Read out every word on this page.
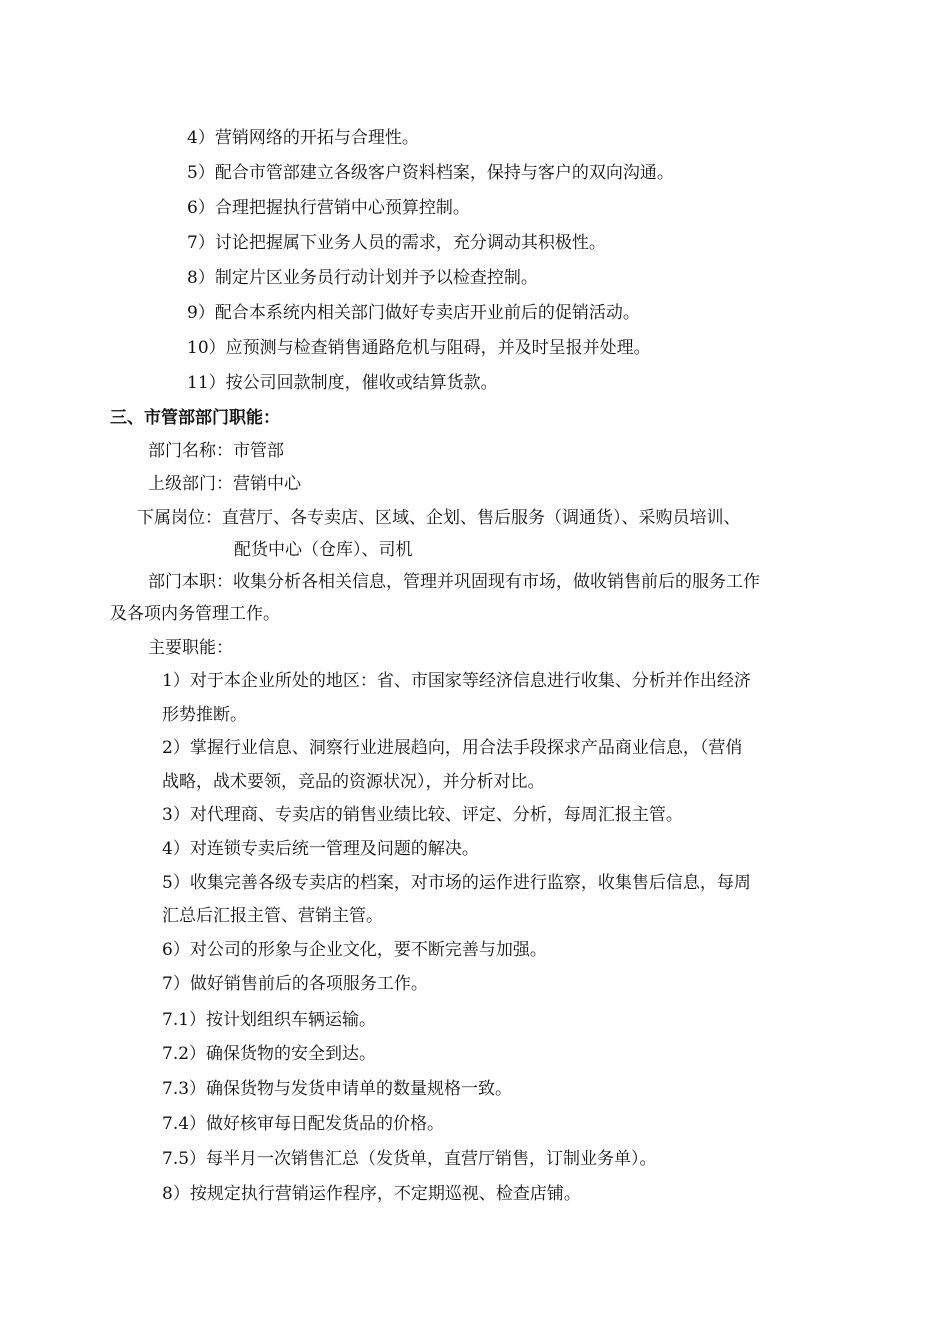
4）营销网络的开拓与合理性。
5）配合市管部建立各级客户资料档案，保持与客户的双向沟通。
6）合理把握执行营销中心预算控制。
7）讨论把握属下业务人员的需求，充分调动其积极性。
8）制定片区业务员行动计划并予以检查控制。
9）配合本系统内相关部门做好专卖店开业前后的促销活动。
10）应预测与检查销售通路危机与阻碍，并及时呈报并处理。
11）按公司回款制度，催收或结算货款。
三、市管部部门职能：
部门名称：市管部
上级部门：营销中心
下属岗位：直营厅、各专卖店、区域、企划、售后服务（调通货）、采购员培训、
配货中心（仓库）、司机
部门本职：收集分析各相关信息，管理并巩固现有市场，做收销售前后的服务工作
及各项内务管理工作。
主要职能：
1）对于本企业所处的地区：省、市国家等经济信息进行收集、分析并作出经济
形势推断。
2）掌握行业信息、洞察行业进展趋向，用合法手段探求产品商业信息，（营俏
战略，战术要领，竞品的资源状况），并分析对比。
3）对代理商、专卖店的销售业绩比较、评定、分析，每周汇报主管。
4）对连锁专卖后统一管理及问题的解决。
5）收集完善各级专卖店的档案，对市场的运作进行监察，收集售后信息，每周
汇总后汇报主管、营销主管。
6）对公司的形象与企业文化，要不断完善与加强。
7）做好销售前后的各项服务工作。
7.1）按计划组织车辆运输。
7.2）确保货物的安全到达。
7.3）确保货物与发货申请单的数量规格一致。
7.4）做好核审每日配发货品的价格。
7.5）每半月一次销售汇总（发货单，直营厅销售，订制业务单）。
8）按规定执行营销运作程序，不定期巡视、检查店铺。
